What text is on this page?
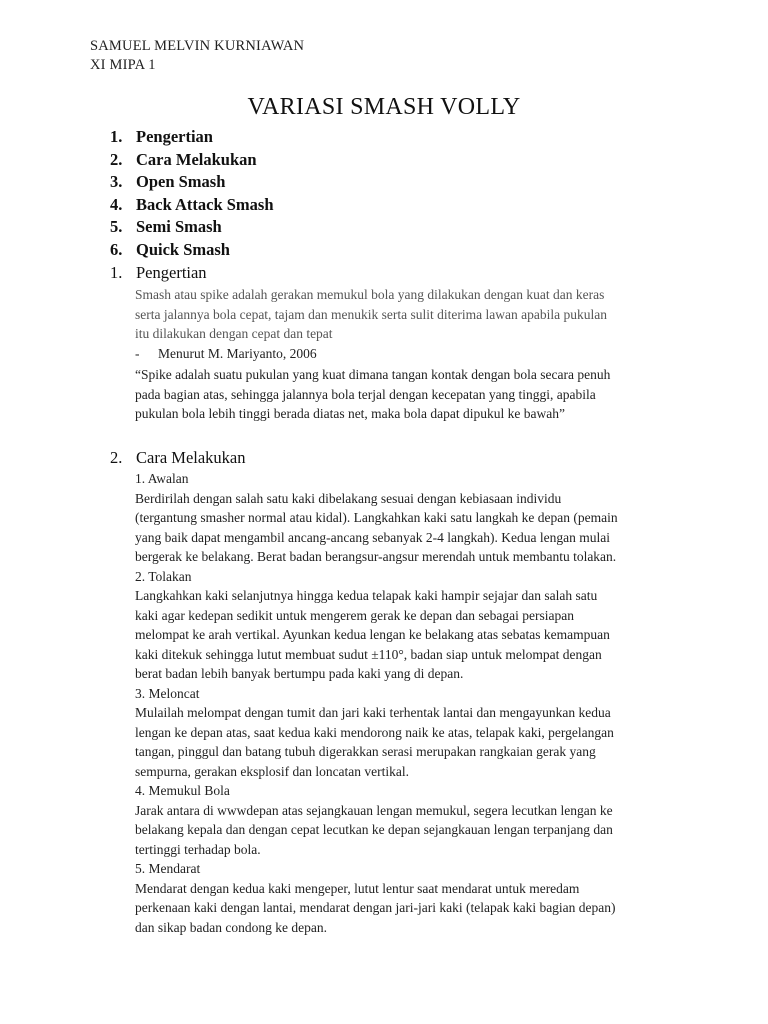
SAMUEL MELVIN KURNIAWAN
XI MIPA 1
VARIASI SMASH VOLLY
1. Pengertian
2. Cara Melakukan
3. Open Smash
4. Back Attack Smash
5. Semi Smash
6. Quick Smash
1. Pengertian

Smash atau spike adalah gerakan memukul bola yang dilakukan dengan kuat dan keras

serta jalannya bola cepat, tajam dan menukik serta sulit diterima lawan apabila pukulan

itu dilakukan dengan cepat dan tepat

- Menurut M. Mariyanto, 2006

“Spike adalah suatu pukulan yang kuat dimana tangan kontak dengan bola secara penuh

pada bagian atas, sehingga jalannya bola terjal dengan kecepatan yang tinggi, apabila

pukulan bola lebih tinggi berada diatas net, maka bola dapat dipukul ke bawah”

2. Cara Melakukan

1. Awalan

Berdirilah dengan salah satu kaki dibelakang sesuai dengan kebiasaan individu

(tergantung smasher normal atau kidal). Langkahkan kaki satu langkah ke depan (pemain

yang baik dapat mengambil ancang-ancang sebanyak 2-4 langkah). Kedua lengan mulai

bergerak ke belakang. Berat badan berangsur-angsur merendah untuk membantu tolakan.

2. Tolakan

Langkahkan kaki selanjutnya hingga kedua telapak kaki hampir sejajar dan salah satu

kaki agar kedepan sedikit untuk mengerem gerak ke depan dan sebagai persiapan

melompat ke arah vertikal. Ayunkan kedua lengan ke belakang atas sebatas kemampuan

kaki ditekuk sehingga lutut membuat sudut ±110°, badan siap untuk melompat dengan

berat badan lebih banyak bertumpu pada kaki yang di depan.

3. Meloncat

Mulailah melompat dengan tumit dan jari kaki terhentak lantai dan mengayunkan kedua

lengan ke depan atas, saat kedua kaki mendorong naik ke atas, telapak kaki, pergelangan

tangan, pinggul dan batang tubuh digerakkan serasi merupakan rangkaian gerak yang

sempurna, gerakan eksplosif dan loncatan vertikal.

4. Memukul Bola

Jarak antara di wwwdepan atas sejangkauan lengan memukul, segera lecutkan lengan ke

belakang kepala dan dengan cepat lecutkan ke depan sejangkauan lengan terpanjang dan

tertinggi terhadap bola.

5. Mendarat

Mendarat dengan kedua kaki mengeper, lutut lentur saat mendarat untuk meredam

perkenaan kaki dengan lantai, mendarat dengan jari-jari kaki (telapak kaki bagian depan)

dan sikap badan condong ke depan.
